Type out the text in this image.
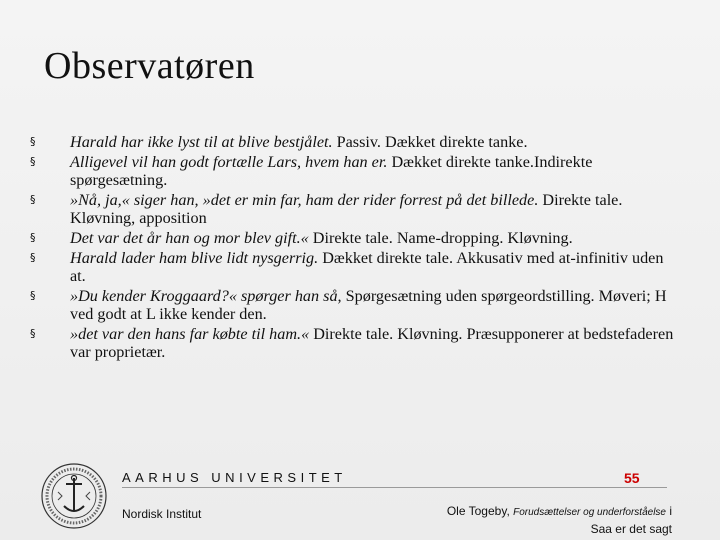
Observatøren
§ Harald har ikke lyst til at blive bestjålet. Passiv. Dækket direkte tanke.
§ Alligevel vil han godt fortælle Lars, hvem han er. Dækket direkte tanke.Indirekte spørgesætning.
§ »Nå, ja,« siger han, »det er min far, ham der rider forrest på det billede. Direkte tale. Kløvning, apposition
§ Det var det år han og mor blev gift.« Direkte tale. Name-dropping. Kløvning.
§ Harald lader ham blive lidt nysgerrig. Dækket direkte tale. Akkusativ med at-infinitiv uden at.
§ »Du kender Kroggaard?« spørger han så, Spørgesætning uden spørgeordstilling. Møveri; H ved godt at L ikke kender den.
§ »det var den hans far købte til ham.« Direkte tale. Kløvning. Præsupponerer at bedstefaderen var proprietær.
AARHUS UNIVERSITET	55
Nordisk Institut	Ole Togeby, Forudsættelser og underforståelse i
Saa er det sagt
